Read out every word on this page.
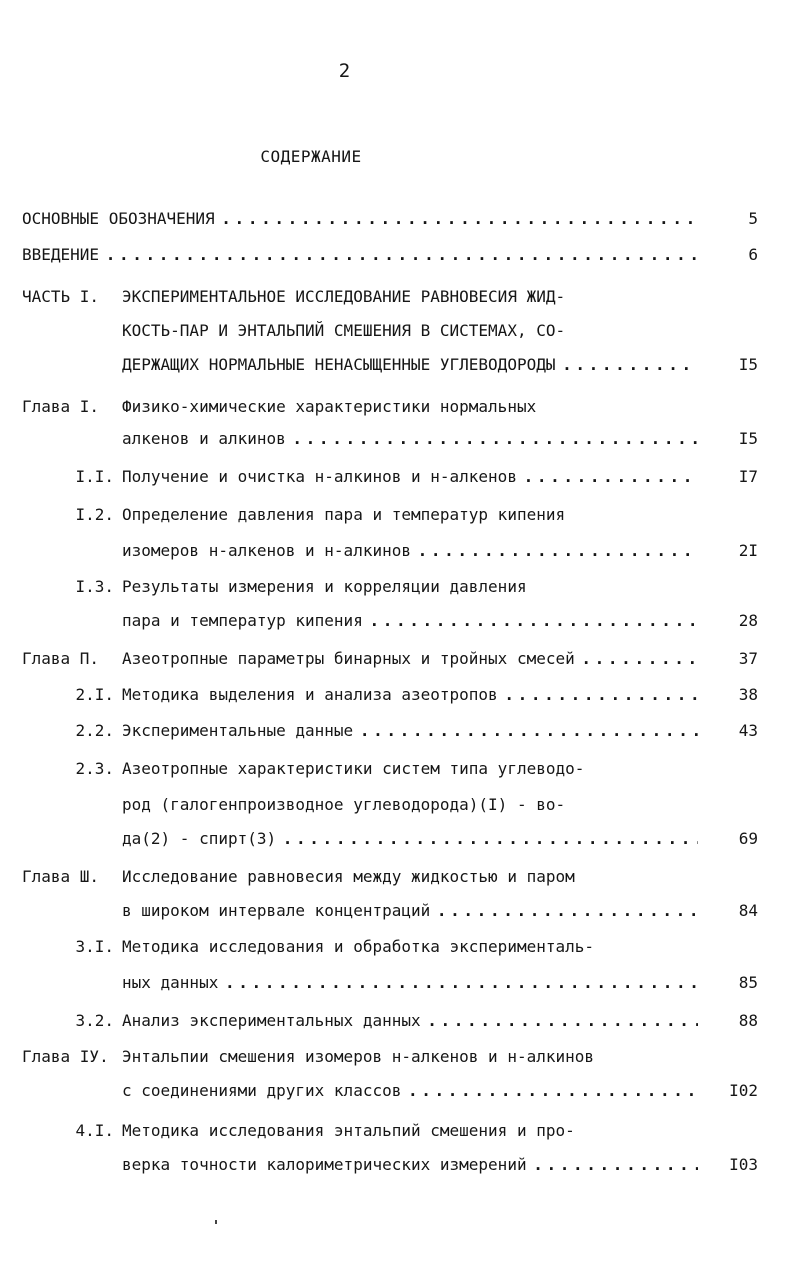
2
СОДЕРЖАНИЕ
ОСНОВНЫЕ ОБОЗНАЧЕНИЯ . . .	5
ВВЕДЕНИЕ . . .	6
ЧАСТЬ I.	ЭКСПЕРИМЕНТАЛЬНОЕ ИССЛЕДОВАНИЕ РАВНОВЕСИЯ ЖИД-
КОСТЬ-ПАР И ЭНТАЛЬПИЙ СМЕШЕНИЯ В СИСТЕМАХ, СО-
ДЕРЖАЩИХ НОРМАЛЬНЫЕ НЕНАСЫЩЕННЫЕ УГЛЕВОДОРОДЫ . . .	I5
Глава I.	Физико-химические характеристики нормальных
алкенов и алкинов . . .	I5
I.I. Получение и очистка н-алкинов и н-алкенов . . .	I7
I.2. Определение давления пара и температур кипения
изомеров н-алкенов и н-алкинов . . .	2I
I.3. Результаты измерения и корреляции давления
пара и температур кипения . . .	28
Глава П.	Азеотропные параметры бинарных и тройных смесей . . .	37
2.I. Методика выделения и анализа азеотропов . . .	38
2.2. Экспериментальные данные . . .	43
2.3. Азеотропные характеристики систем типа углеводо-
род (галогенпроизводное углеводорода)(I) - во-
да(2) - спирт(3) . . .	69
Глава Ш.	Исследование равновесия между жидкостью и паром
в широком интервале концентраций . . .	84
3.I. Методика исследования и обработка эксперименталь-
ных данных . . .	85
3.2. Анализ экспериментальных данных . . .	88
Глава IУ. Энтальпии смешения изомеров н-алкенов и н-алкинов
с соединениями других классов . . .	I02
4.I. Методика исследования энтальпий смешения и про-
верка точности калориметрических измерений . . .	I03
